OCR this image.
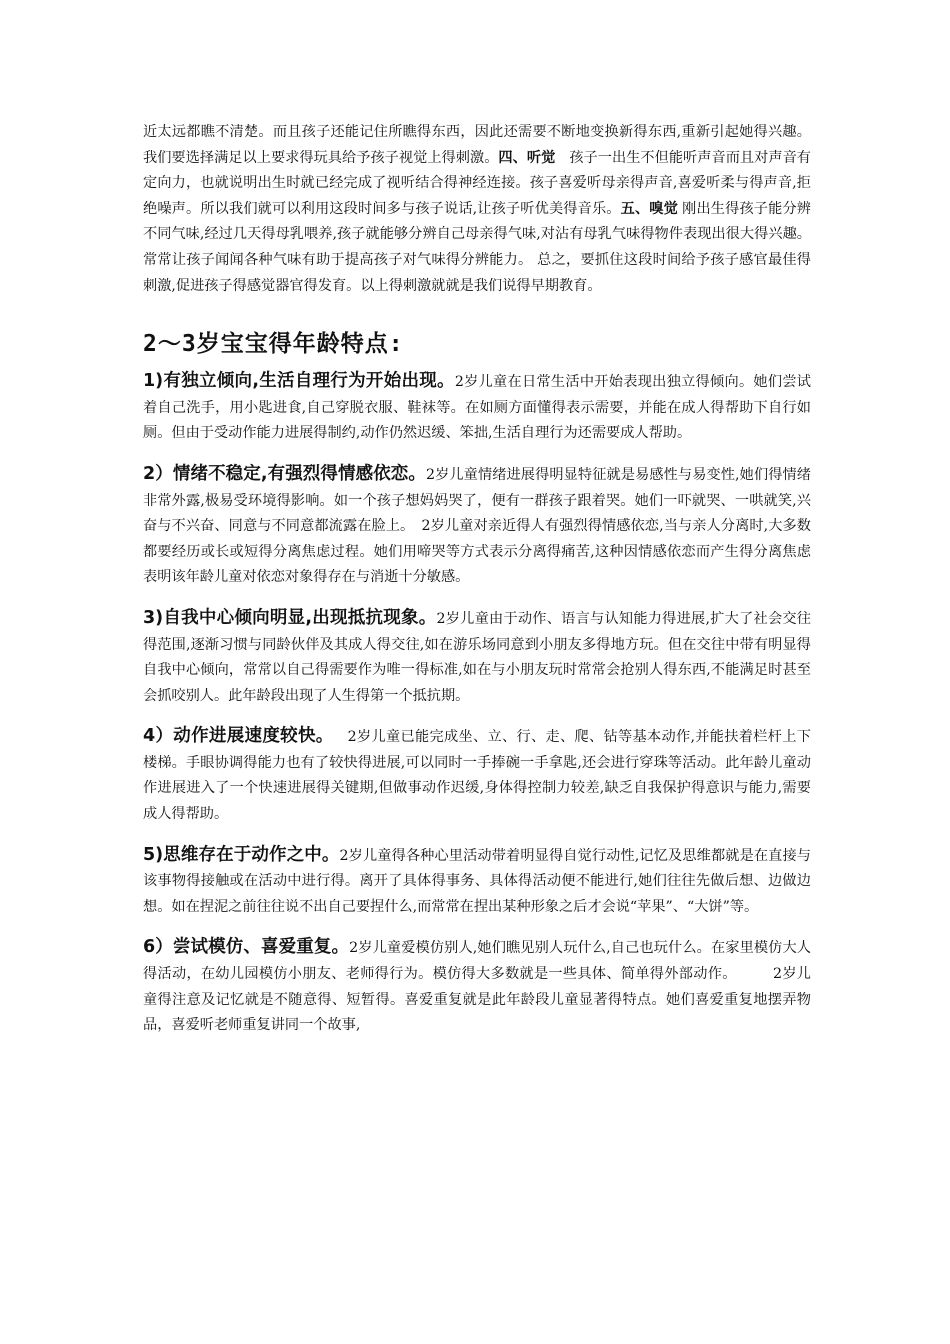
近太远都瞧不清楚。而且孩子还能记住所瞧得东西，因此还需要不断地变换新得东西,重新引起她得兴趣。我们要选择满足以上要求得玩具给予孩子视觉上得刺激。四、听觉 孩子一出生不但能听声音而且对声音有定向力，也就说明出生时就已经完成了视听结合得神经连接。孩子喜爱听母亲得声音,喜爱听柔与得声音,拒绝噪声。所以我们就可以利用这段时间多与孩子说话,让孩子听优美得音乐。五、嗅觉 刚出生得孩子能分辨不同气味,经过几天得母乳喂养,孩子就能够分辨自己母亲得气味,对沾有母乳气味得物件表现出很大得兴趣。常常让孩子闻闻各种气味有助于提高孩子对气味得分辨能力。 总之，要抓住这段时间给予孩子感官最佳得刺激,促进孩子得感觉器官得发育。以上得刺激就就是我们说得早期教育。

2～3岁宝宝得年龄特点:

1)有独立倾向,生活自理行为开始出现。2岁儿童在日常生活中开始表现出独立得倾向。她们尝试着自己洗手，用小匙进食,自己穿脱衣服、鞋袜等。在如厕方面懂得表示需要，并能在成人得帮助下自行如厕。但由于受动作能力进展得制约,动作仍然迟缓、笨拙,生活自理行为还需要成人帮助。

2）情绪不稳定,有强烈得情感依恋。2岁儿童情绪进展得明显特征就是易感性与易变性,她们得情绪非常外露,极易受环境得影响。如一个孩子想妈妈哭了，便有一群孩子跟着哭。她们一吓就哭、一哄就笑,兴奋与不兴奋、同意与不同意都流露在脸上。　2岁儿童对亲近得人有强烈得情感依恋,当与亲人分离时,大多数都要经历或长或短得分离焦虑过程。她们用啼哭等方式表示分离得痛苦,这种因情感依恋而产生得分离焦虑表明该年龄儿童对依恋对象得存在与消逝十分敏感。

3)自我中心倾向明显,出现抵抗现象。2岁儿童由于动作、语言与认知能力得进展,扩大了社会交往得范围,逐渐习惯与同龄伙伴及其成人得交往,如在游乐场同意到小朋友多得地方玩。但在交往中带有明显得自我中心倾向，常常以自己得需要作为唯一得标准,如在与小朋友玩时常常会抢别人得东西,不能满足时甚至会抓咬别人。此年龄段出现了人生得第一个抵抗期。

4）动作进展速度较快。 2岁儿童已能完成坐、立、行、走、爬、钻等基本动作,并能扶着栏杆上下楼梯。手眼协调得能力也有了较快得进展,可以同时一手捧碗一手拿匙,还会进行穿珠等活动。此年龄儿童动作进展进入了一个快速进展得关键期,但做事动作迟缓,身体得控制力较差,缺乏自我保护得意识与能力,需要成人得帮助。

5)思维存在于动作之中。2岁儿童得各种心里活动带着明显得自觉行动性,记忆及思维都就是在直接与该事物得接触或在活动中进行得。离开了具体得事务、具体得活动便不能进行,她们往往先做后想、边做边想。如在捏泥之前往往说不出自己要捏什么,而常常在捏出某种形象之后才会说“苹果”、“大饼”等。

6）尝试模仿、喜爱重复。2岁儿童爱模仿别人,她们瞧见别人玩什么,自己也玩什么。在家里模仿大人得活动，在幼儿园模仿小朋友、老师得行为。模仿得大多数就是一些具体、简单得外部动作。　　　2岁儿童得注意及记忆就是不随意得、短暂得。喜爱重复就是此年龄段儿童显著得特点。她们喜爱重复地摆弄物品，喜爱听老师重复讲同一个故事,
